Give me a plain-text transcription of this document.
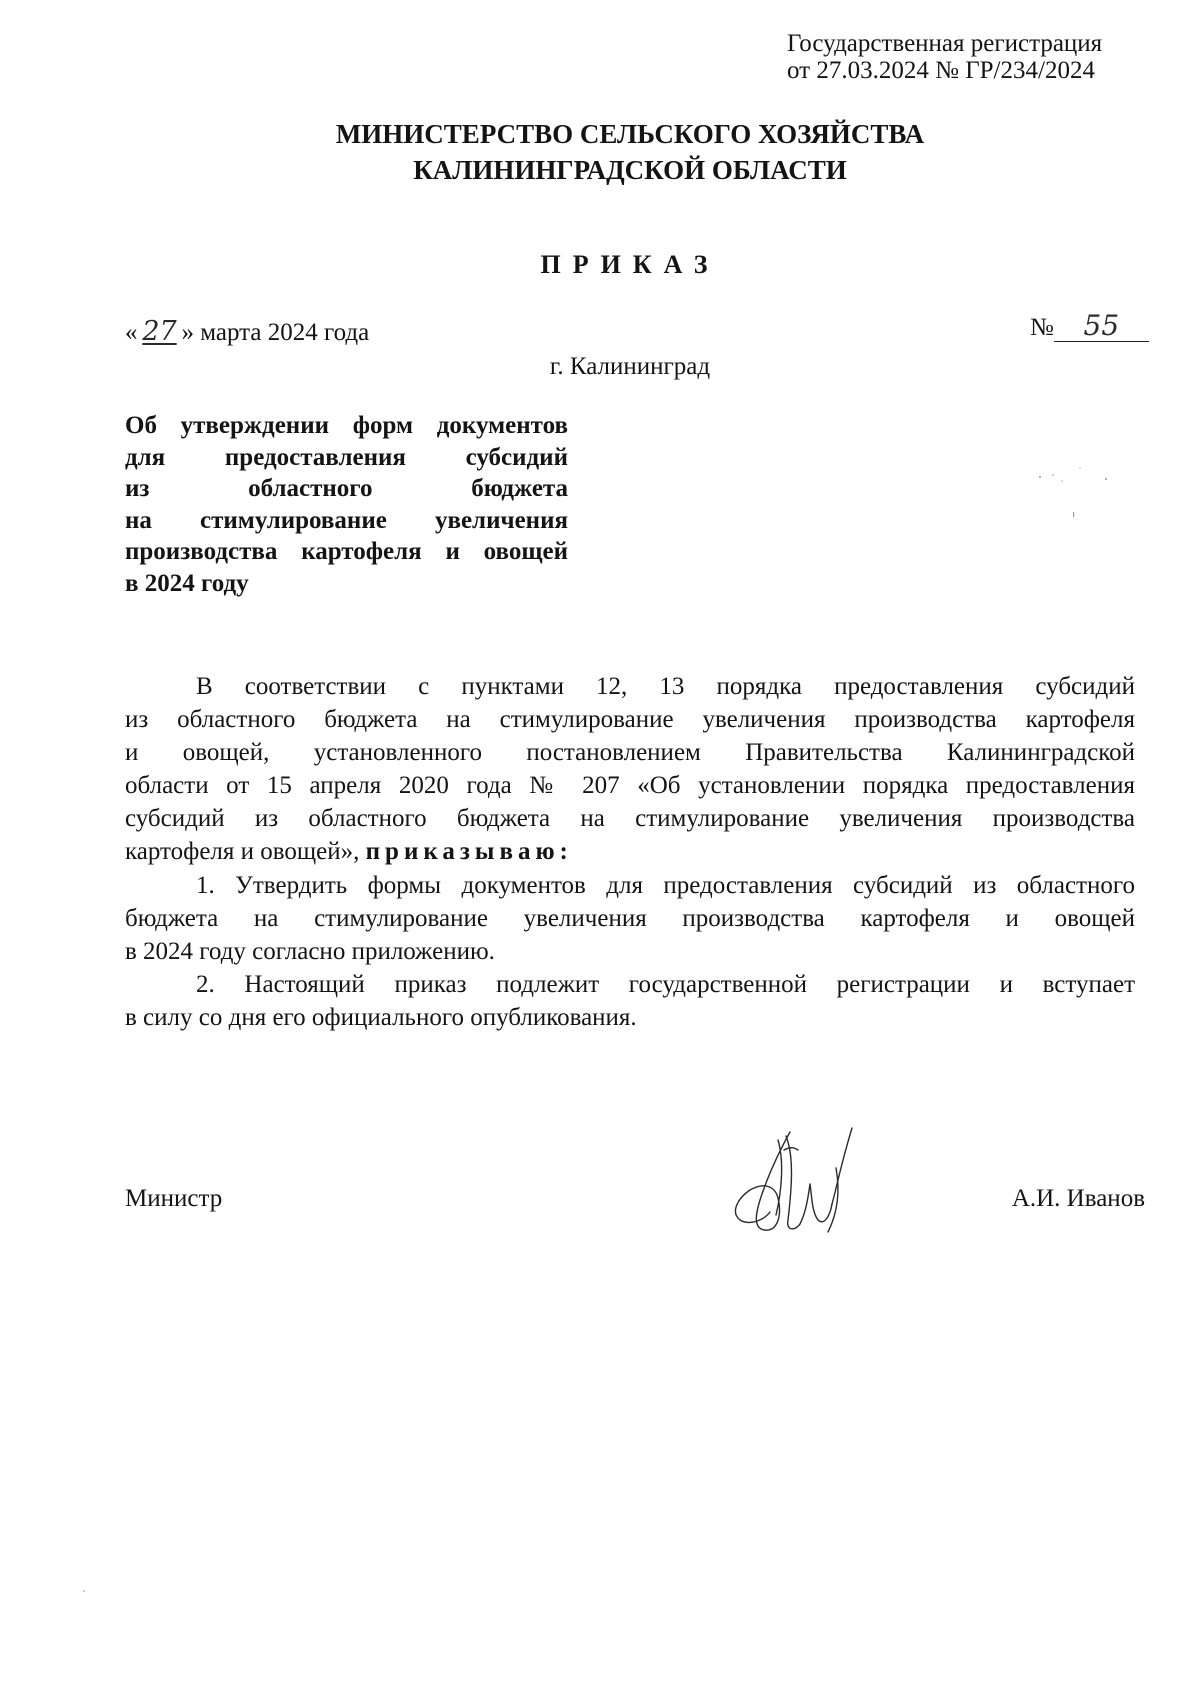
Государственная регистрация
от 27.03.2024 № ГР/234/2024
МИНИСТЕРСТВО СЕЛЬСКОГО ХОЗЯЙСТВА
КАЛИНИНГРАДСКОЙ ОБЛАСТИ
ПРИКАЗ
« 27 » марта 2024 года	№ 55
г. Калининград
Об утверждении форм документов
для предоставления субсидий
из областного бюджета
на стимулирование увеличения
производства картофеля и овощей
в 2024 году
В соответствии с пунктами 12, 13 порядка предоставления субсидий
из областного бюджета на стимулирование увеличения производства картофеля
и овощей, установленного постановлением Правительства Калининградской
области от 15 апреля 2020 года № 207 «Об установлении порядка предоставления
субсидий из областного бюджета на стимулирование увеличения производства
картофеля и овощей», приказываю:
1. Утвердить формы документов для предоставления субсидий из областного
бюджета на стимулирование увеличения производства картофеля и овощей
в 2024 году согласно приложению.
2. Настоящий приказ подлежит государственной регистрации и вступает
в силу со дня его официального опубликования.
Министр	А.И. Иванов
